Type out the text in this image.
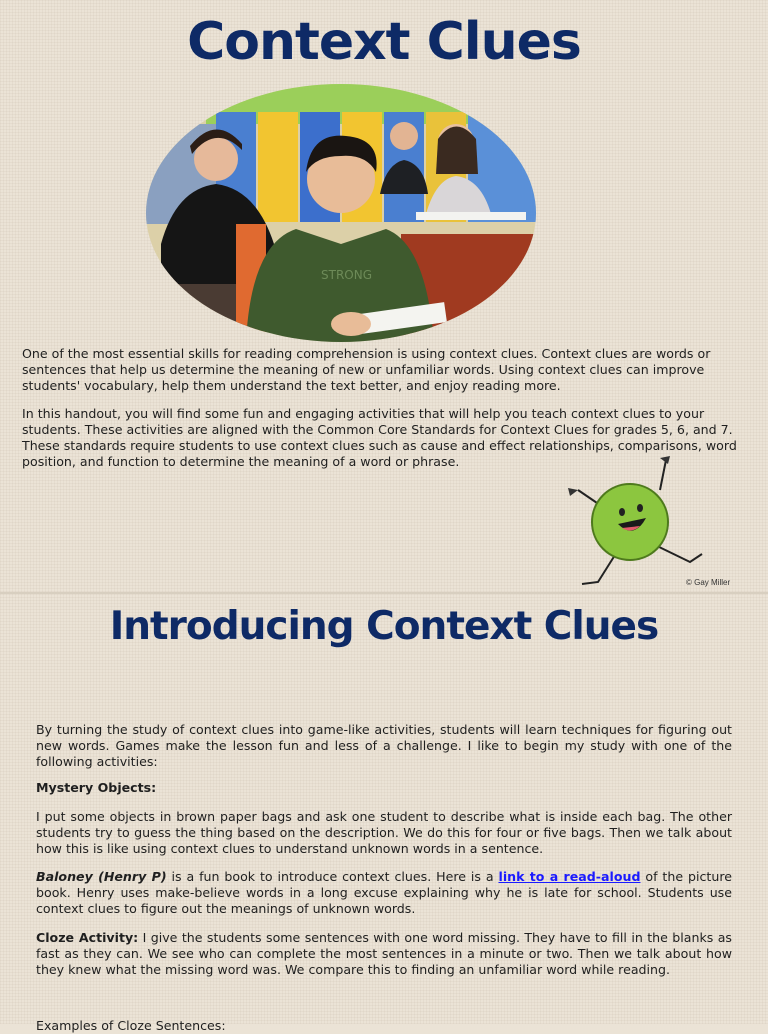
Context Clues
STRONG

One of the most essential skills for reading comprehension is using context clues. Context clues are words or sentences that help us determine the meaning of new or unfamiliar words. Using context clues can improve students' vocabulary, help them understand the text better, and enjoy reading more.

In this handout, you will find some fun and engaging activities that will help you teach context clues to your students. These activities are aligned with the Common Core Standards for Context Clues for grades 5, 6, and 7. These standards require students to use context clues such as cause and effect relationships, comparisons, word position, and function to determine the meaning of a word or phrase.

© Gay Miller
Introducing Context Clues

By turning the study of context clues into game-like activities, students will learn techniques for figuring out new words. Games make the lesson fun and less of a challenge. I like to begin my study with one of the following activities:

Mystery Objects:

I put some objects in brown paper bags and ask one student to describe what is inside each bag. The other students try to guess the thing based on the description. We do this for four or five bags. Then we talk about how this is like using context clues to understand unknown words in a sentence.

Baloney (Henry P) is a fun book to introduce context clues. Here is a link to a read-aloud of the picture book. Henry uses make-believe words in a long excuse explaining why he is late for school. Students use context clues to figure out the meanings of unknown words.

Cloze Activity: I give the students some sentences with one word missing. They have to fill in the blanks as fast as they can. We see who can complete the most sentences in a minute or two. Then we talk about how they knew what the missing word was. We compare this to finding an unfamiliar word while reading.

Examples of Cloze Sentences:
